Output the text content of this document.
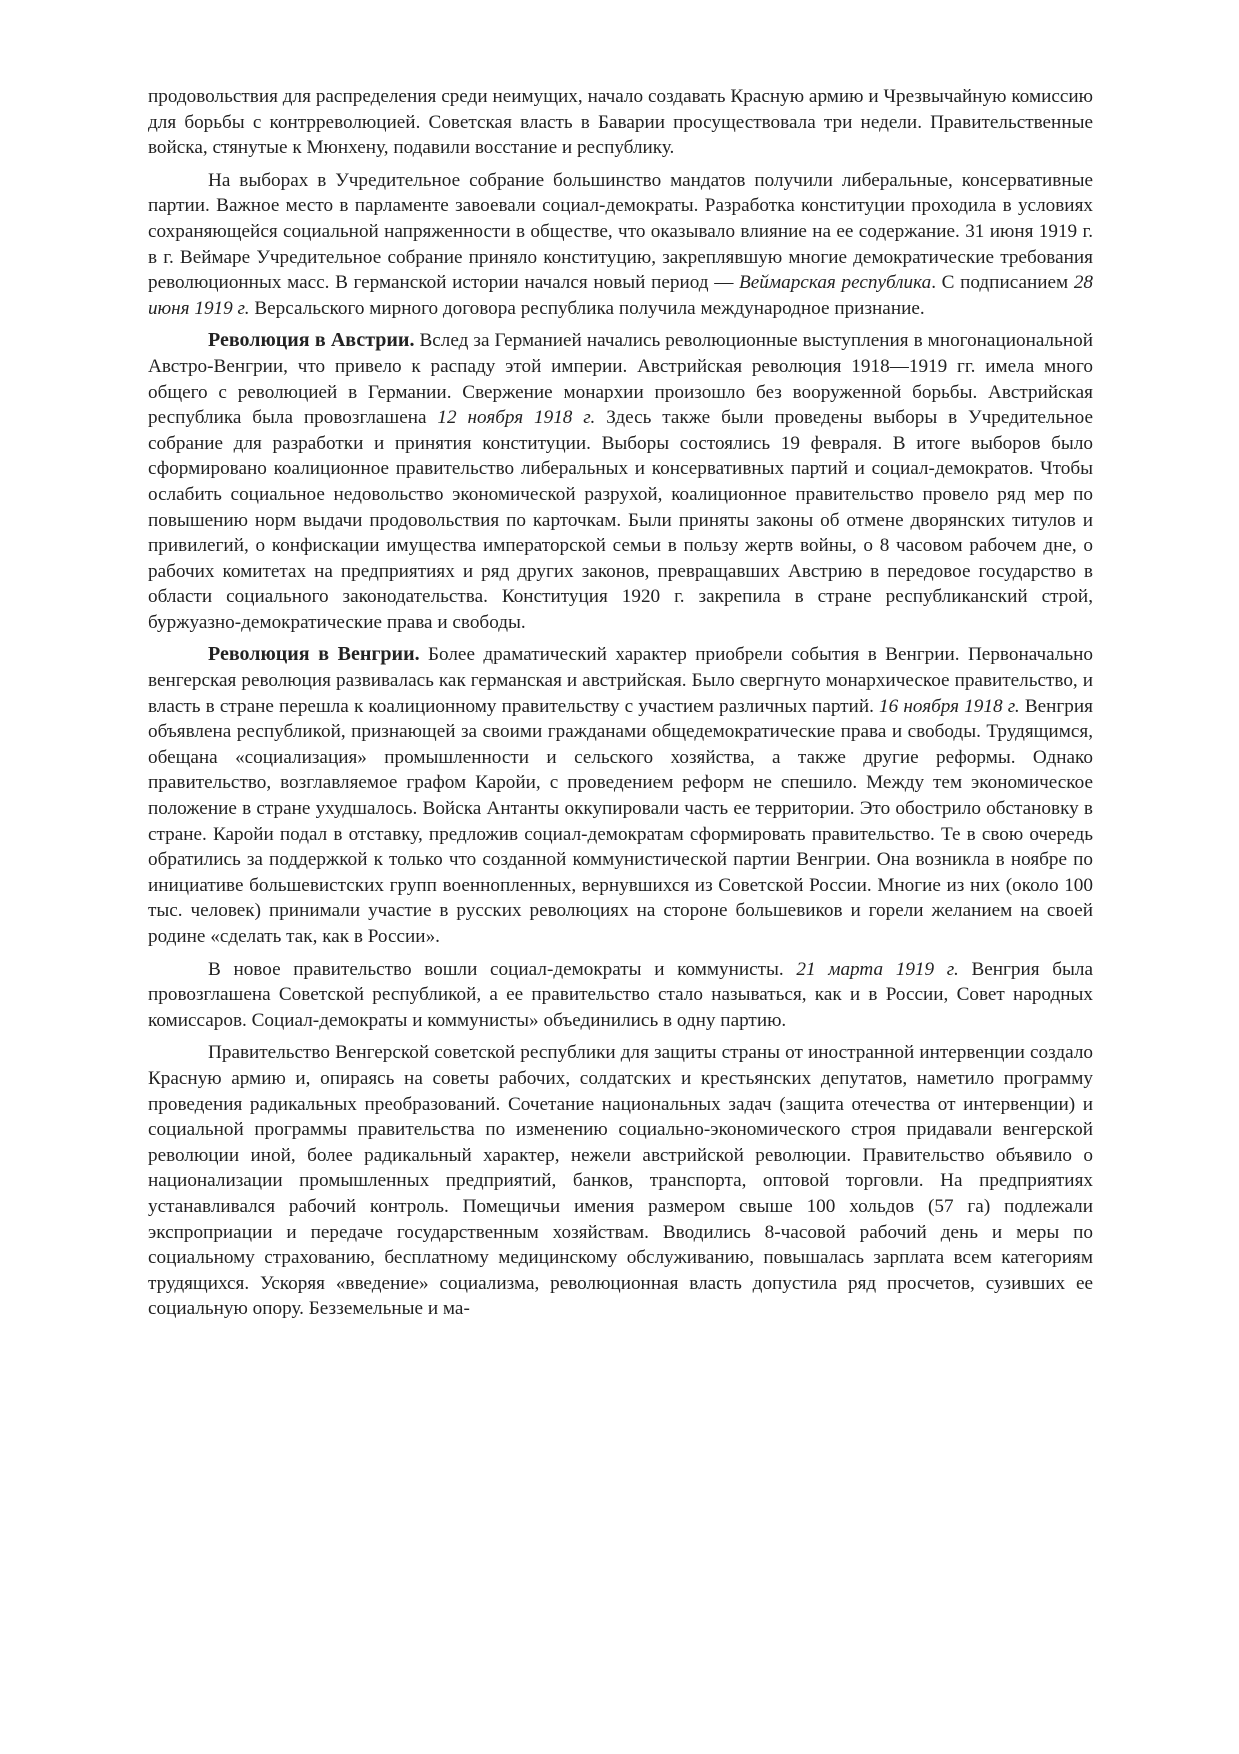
продовольствия для распределения среди неимущих, начало создавать Красную армию и Чрезвычайную комиссию для борьбы с контрреволюцией. Советская власть в Баварии просуществовала три недели. Правительственные войска, стянутые к Мюнхену, подавили восстание и республику.

На выборах в Учредительное собрание большинство мандатов получили либеральные, консервативные партии. Важное место в парламенте завоевали социал-демократы. Разработка конституции проходила в условиях сохраняющейся социальной напряженности в обществе, что оказывало влияние на ее содержание. 31 июня 1919 г. в г. Веймаре Учредительное собрание приняло конституцию, закреплявшую многие демократические требования революционных масс. В германской истории начался новый период — Веймарская республика. С подписанием 28 июня 1919 г. Версальского мирного договора республика получила международное признание.

Революция в Австрии. Вслед за Германией начались революционные выступления в многонациональной Австро-Венгрии, что привело к распаду этой империи. Австрийская революция 1918—1919 гг. имела много общего с революцией в Германии. Свержение монархии произошло без вооруженной борьбы. Австрийская республика была провозглашена 12 ноября 1918 г. Здесь также были проведены выборы в Учредительное собрание для разработки и принятия конституции. Выборы состоялись 19 февраля. В итоге выборов было сформировано коалиционное правительство либеральных и консервативных партий и социал-демократов. Чтобы ослабить социальное недовольство экономической разрухой, коалиционное правительство провело ряд мер по повышению норм выдачи продовольствия по карточкам. Были приняты законы об отмене дворянских титулов и привилегий, о конфискации имущества императорской семьи в пользу жертв войны, о 8 часовом рабочем дне, о рабочих комитетах на предприятиях и ряд других законов, превращавших Австрию в передовое государство в области социального законодательства. Конституция 1920 г. закрепила в стране республиканский строй, буржуазно-демократические права и свободы.

Революция в Венгрии. Более драматический характер приобрели события в Венгрии. Первоначально венгерская революция развивалась как германская и австрийская. Было свергнуто монархическое правительство, и власть в стране перешла к коалиционному правительству с участием различных партий. 16 ноября 1918 г. Венгрия объявлена республикой, признающей за своими гражданами общедемократические права и свободы. Трудящимся, обещана «социализация» промышленности и сельского хозяйства, а также другие реформы. Однако правительство, возглавляемое графом Каройи, с проведением реформ не спешило. Между тем экономическое положение в стране ухудшалось. Войска Антанты оккупировали часть ее территории. Это обострило обстановку в стране. Каройи подал в отставку, предложив социал-демократам сформировать правительство. Те в свою очередь обратились за поддержкой к только что созданной коммунистической партии Венгрии. Она возникла в ноябре по инициативе большевистских групп военнопленных, вернувшихся из Советской России. Многие из них (около 100 тыс. человек) принимали участие в русских революциях на стороне большевиков и горели желанием на своей родине «сделать так, как в России».

В новое правительство вошли социал-демократы и коммунисты. 21 марта 1919 г. Венгрия была провозглашена Советской республикой, а ее правительство стало называться, как и в России, Совет народных комиссаров. Социал-демократы и коммунисты» объединились в одну партию.

Правительство Венгерской советской республики для защиты страны от иностранной интервенции создало Красную армию и, опираясь на советы рабочих, солдатских и крестьянских депутатов, наметило программу проведения радикальных преобразований. Сочетание национальных задач (защита отечества от интервенции) и социальной программы правительства по изменению социально-экономического строя придавали венгерской революции иной, более радикальный характер, нежели австрийской революции. Правительство объявило о национализации промышленных предприятий, банков, транспорта, оптовой торговли. На предприятиях устанавливался рабочий контроль. Помещичьи имения размером свыше 100 хольдов (57 га) подлежали экспроприации и передаче государственным хозяйствам. Вводились 8-часовой рабочий день и меры по социальному страхованию, бесплатному медицинскому обслуживанию, повышалась зарплата всем категориям трудящихся. Ускоряя «введение» социализма, революционная власть допустила ряд просчетов, сузивших ее социальную опору. Безземельные и ма-
